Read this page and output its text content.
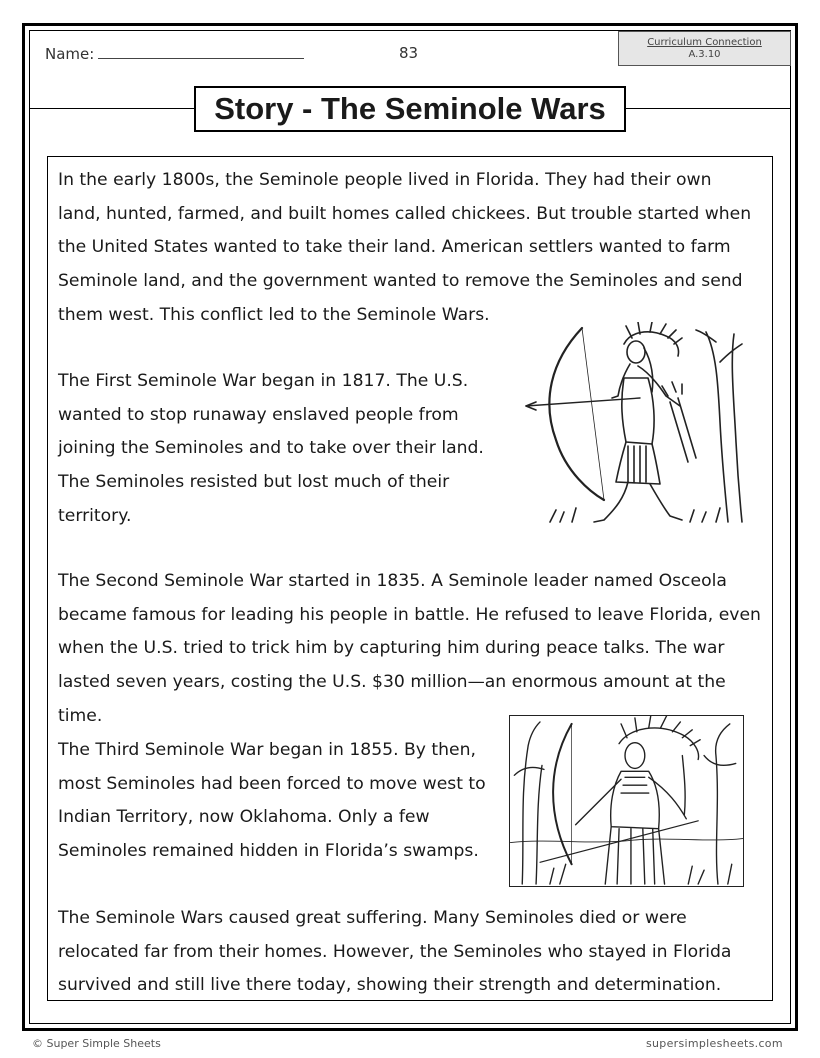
Name:	83
Curriculum Connection
A.3.10
Story - The Seminole Wars

In the early 1800s, the Seminole people lived in Florida. They had their own land, hunted, farmed, and built homes called chickees. But trouble started when the United States wanted to take their land. American settlers wanted to farm Seminole land, and the government wanted to remove the Seminoles and send them west. This conflict led to the Seminole Wars.

The First Seminole War began in 1817. The U.S. wanted to stop runaway enslaved people from joining the Seminoles and to take over their land. The Seminoles resisted but lost much of their territory.

The Second Seminole War started in 1835. A Seminole leader named Osceola became famous for leading his people in battle. He refused to leave Florida, even when the U.S. tried to trick him by capturing him during peace talks. The war lasted seven years, costing the U.S. $30 million—an enormous amount at the time.

The Third Seminole War began in 1855. By then, most Seminoles had been forced to move west to Indian Territory, now Oklahoma. Only a few Seminoles remained hidden in Florida’s swamps.

The Seminole Wars caused great suffering. Many Seminoles died or were relocated far from their homes. However, the Seminoles who stayed in Florida survived and still live there today, showing their strength and determination.

© Super Simple Sheets	supersimplesheets.com
